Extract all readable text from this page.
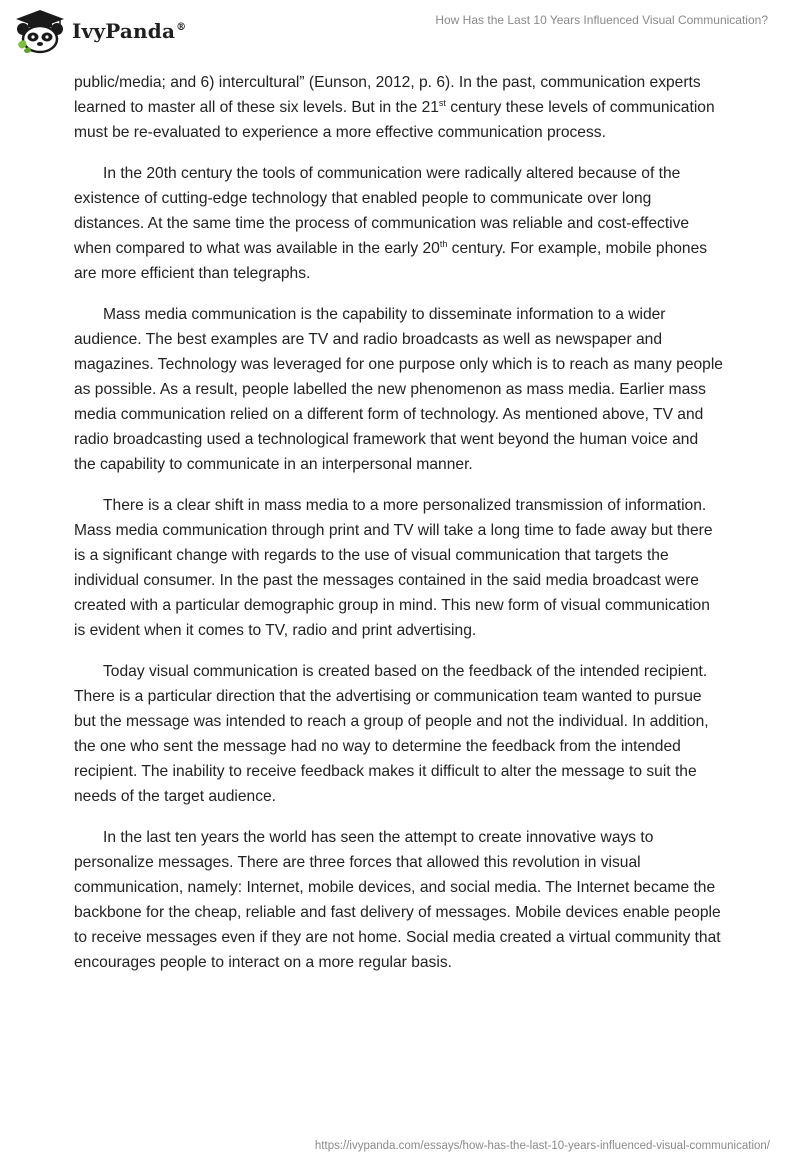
IvyPanda®
How Has the Last 10 Years Influenced Visual Communication?

public/media; and 6) intercultural” (Eunson, 2012, p. 6). In the past, communication experts learned to master all of these six levels. But in the 21st century these levels of communication must be re-evaluated to experience a more effective communication process.

In the 20th century the tools of communication were radically altered because of the existence of cutting-edge technology that enabled people to communicate over long distances. At the same time the process of communication was reliable and cost-effective when compared to what was available in the early 20th century. For example, mobile phones are more efficient than telegraphs.

Mass media communication is the capability to disseminate information to a wider audience. The best examples are TV and radio broadcasts as well as newspaper and magazines. Technology was leveraged for one purpose only which is to reach as many people as possible. As a result, people labelled the new phenomenon as mass media. Earlier mass media communication relied on a different form of technology. As mentioned above, TV and radio broadcasting used a technological framework that went beyond the human voice and the capability to communicate in an interpersonal manner.

There is a clear shift in mass media to a more personalized transmission of information. Mass media communication through print and TV will take a long time to fade away but there is a significant change with regards to the use of visual communication that targets the individual consumer. In the past the messages contained in the said media broadcast were created with a particular demographic group in mind. This new form of visual communication is evident when it comes to TV, radio and print advertising.

Today visual communication is created based on the feedback of the intended recipient. There is a particular direction that the advertising or communication team wanted to pursue but the message was intended to reach a group of people and not the individual. In addition, the one who sent the message had no way to determine the feedback from the intended recipient. The inability to receive feedback makes it difficult to alter the message to suit the needs of the target audience.

In the last ten years the world has seen the attempt to create innovative ways to personalize messages. There are three forces that allowed this revolution in visual communication, namely: Internet, mobile devices, and social media. The Internet became the backbone for the cheap, reliable and fast delivery of messages. Mobile devices enable people to receive messages even if they are not home. Social media created a virtual community that encourages people to interact on a more regular basis.

https://ivypanda.com/essays/how-has-the-last-10-years-influenced-visual-communication/
